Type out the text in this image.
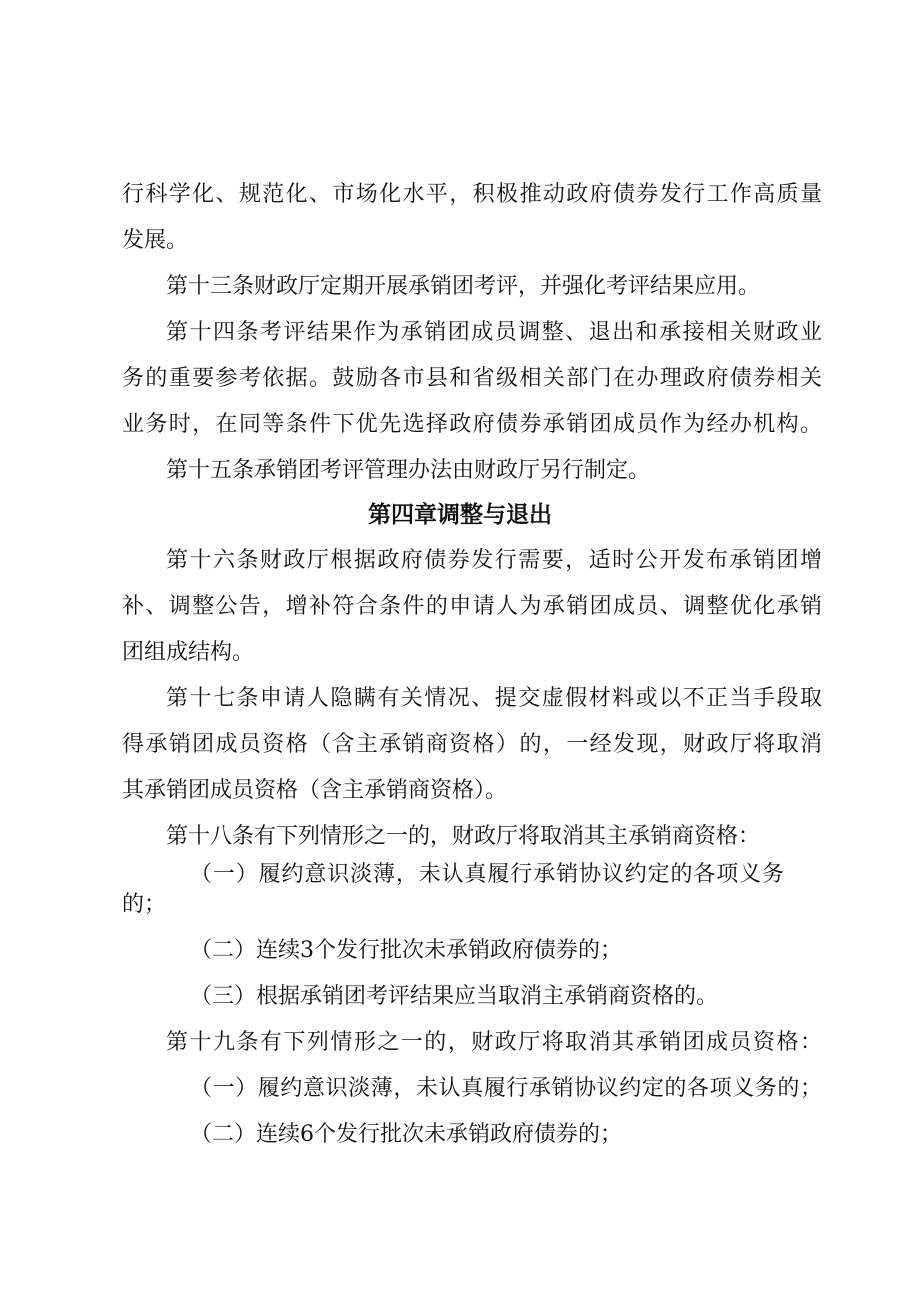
行科学化、规范化、市场化水平，积极推动政府债券发行工作高质量

发展。

第十三条财政厅定期开展承销团考评，并强化考评结果应用。

第十四条考评结果作为承销团成员调整、退出和承接相关财政业

务的重要参考依据。鼓励各市县和省级相关部门在办理政府债券相关

业务时，在同等条件下优先选择政府债券承销团成员作为经办机构。

第十五条承销团考评管理办法由财政厅另行制定。

第四章调整与退出

第十六条财政厅根据政府债券发行需要，适时公开发布承销团增

补、调整公告，增补符合条件的申请人为承销团成员、调整优化承销

团组成结构。

第十七条申请人隐瞒有关情况、提交虚假材料或以不正当手段取

得承销团成员资格（含主承销商资格）的，一经发现，财政厅将取消

其承销团成员资格（含主承销商资格）。

第十八条有下列情形之一的，财政厅将取消其主承销商资格：

（一）履约意识淡薄，未认真履行承销协议约定的各项义务

的；

（二）连续3个发行批次未承销政府债券的；

（三）根据承销团考评结果应当取消主承销商资格的。

第十九条有下列情形之一的，财政厅将取消其承销团成员资格：

（一）履约意识淡薄，未认真履行承销协议约定的各项义务的；

（二）连续6个发行批次未承销政府债券的；
